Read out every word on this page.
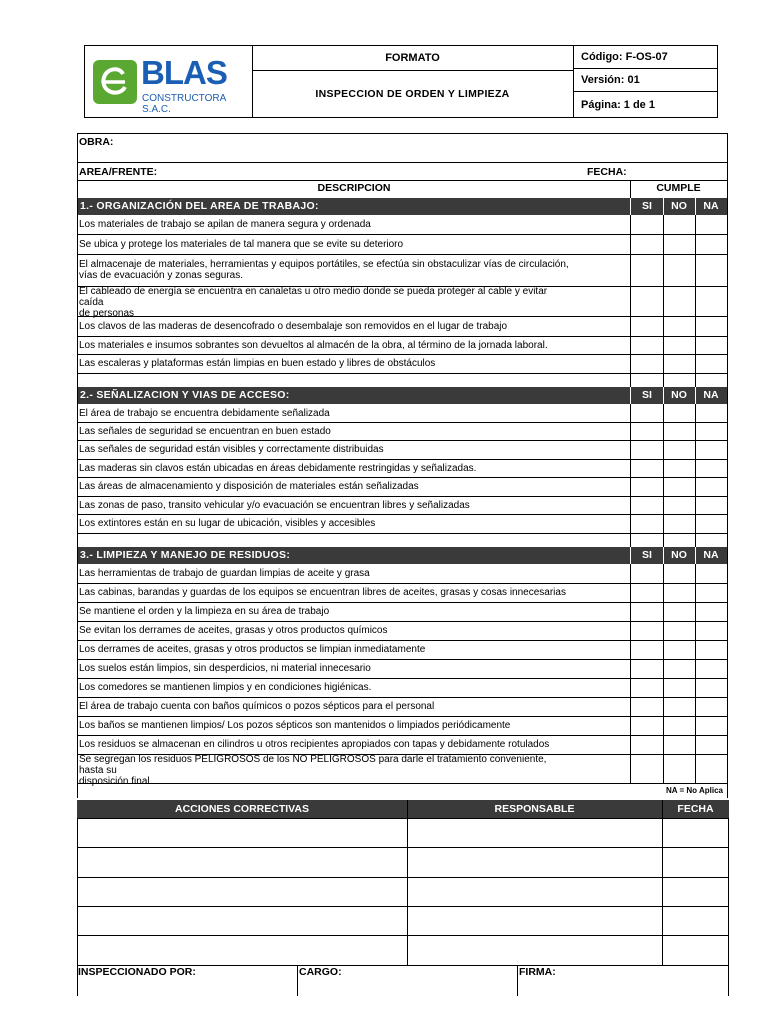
BLAS
CONSTRUCTORA S.A.C.
FORMATO
INSPECCION DE ORDEN Y LIMPIEZA
Código: F-OS-07
Versión: 01
Página: 1 de 1
OBRA:
AREA/FRENTE:	FECHA:
DESCRIPCION	CUMPLE
1.- ORGANIZACIÓN DEL AREA DE TRABAJO:	SI	NO	NA
Los materiales de trabajo se apilan de manera segura y ordenada
Se ubica y protege los materiales de tal manera que se evite su deterioro
El almacenaje de materiales, herramientas y equipos portátiles, se efectúa sin obstaculizar vías de circulación,
vías de evacuación y zonas seguras.
El cableado de energía se encuentra en canaletas u otro medio donde se pueda proteger al cable y evitar
caída
de personas
Los clavos de las maderas de desencofrado o desembalaje son removidos en el lugar de trabajo
Los materiales e insumos sobrantes son devueltos al almacén de la obra, al término de la jornada laboral.
Las escaleras y plataformas están limpias en buen estado y libres de obstáculos
2.- SEÑALIZACION Y VIAS DE ACCESO:	SI	NO	NA
El área de trabajo se encuentra debidamente señalizada
Las señales de seguridad se encuentran en buen estado
Las señales de seguridad están visibles y correctamente distribuidas
Las maderas sin clavos están ubicadas en áreas debidamente restringidas y señalizadas.
Las áreas de almacenamiento y disposición de materiales están señalizadas
Las zonas de paso, transito vehicular y/o evacuación se encuentran libres y señalizadas
Los extintores están en su lugar de ubicación, visibles y accesibles
3.- LIMPIEZA Y MANEJO DE RESIDUOS:	SI	NO	NA
Las herramientas de trabajo de guardan limpias de aceite y grasa
Las cabinas, barandas y guardas de los equipos se encuentran libres de aceites, grasas y cosas innecesarias
Se mantiene el orden y la limpieza en su área de trabajo
Se evitan los derrames de aceites, grasas y otros productos químicos
Los derrames de aceites, grasas y otros productos se limpian inmediatamente
Los suelos están limpios, sin desperdicios, ni material innecesario
Los comedores se mantienen limpios y en condiciones higiénicas.
El área de trabajo cuenta con baños químicos o pozos sépticos para el personal
Los baños se mantienen limpios/ Los pozos sépticos son mantenidos o limpiados periódicamente
Los residuos se almacenan en cilindros u otros recipientes apropiados con tapas y debidamente rotulados
Se segregan los residuos PELIGROSOS de los NO PELIGROSOS para darle el tratamiento conveniente,
hasta su
disposición final
NA = No Aplica
ACCIONES CORRECTIVAS	RESPONSABLE	FECHA
INSPECCIONADO POR:	CARGO:	FIRMA:
